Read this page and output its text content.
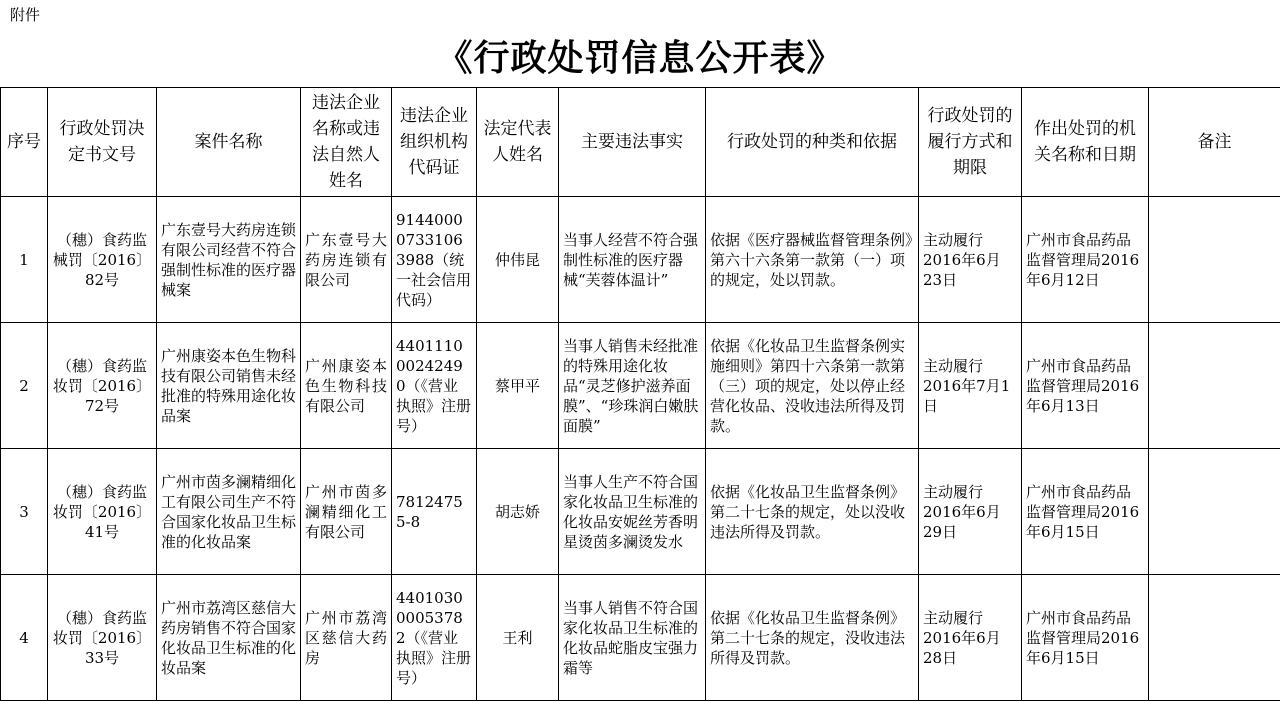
附件
《行政处罚信息公开表》
序号	行政处罚决定书文号	案件名称	违法企业名称或违法自然人姓名	违法企业组织机构代码证	法定代表人姓名	主要违法事实	行政处罚的种类和依据	行政处罚的履行方式和期限	作出处罚的机关名称和日期	备注
1	（穗）食药监械罚〔2016〕82号	广东壹号大药房连锁有限公司经营不符合强制性标准的医疗器械案	广东壹号大药房连锁有限公司	91440000733106 3988（统一社会信用代码）	仲伟昆	当事人经营不符合强制性标准的医疗器械“芙蓉体温计”	依据《医疗器械监督管理条例》第六十六条第一款第（一）项的规定，处以罚款。	主动履行2016年6月23日	广州市食品药品监督管理局2016年6月12日	
2	（穗）食药监妆罚〔2016〕72号	广州康姿本色生物科技有限公司销售未经批准的特殊用途化妆品案	广州康姿本色生物科技有限公司	44011100024249 0（《营业执照》注册号）	蔡甲平	当事人销售未经批准的特殊用途化妆品“灵芝修护滋养面膜”、“珍珠润白嫩肤面膜”	依据《化妆品卫生监督条例实施细则》第四十六条第一款第（三）项的规定，处以停止经营化妆品、没收违法所得及罚款。	主动履行2016年7月1日	广州市食品药品监督管理局2016年6月13日	
3	（穗）食药监妆罚〔2016〕41号	广州市茵多澜精细化工有限公司生产不符合国家化妆品卫生标准的化妆品案	广州市茵多澜精细化工有限公司	78124755-8	胡志娇	当事人生产不符合国家化妆品卫生标准的化妆品安妮丝芳香明星烫茵多澜烫发水	依据《化妆品卫生监督条例》第二十七条的规定，处以没收违法所得及罚款。	主动履行2016年6月29日	广州市食品药品监督管理局2016年6月15日	
4	（穗）食药监妆罚〔2016〕33号	广州市荔湾区慈信大药房销售不符合国家化妆品卫生标准的化妆品案	广州市荔湾区慈信大药房	44010300005378 2（《营业执照》注册号）	王利	当事人销售不符合国家化妆品卫生标准的化妆品蛇脂皮宝强力霜等	依据《化妆品卫生监督条例》第二十七条的规定，没收违法所得及罚款。	主动履行2016年6月28日	广州市食品药品监督管理局2016年6月15日	
